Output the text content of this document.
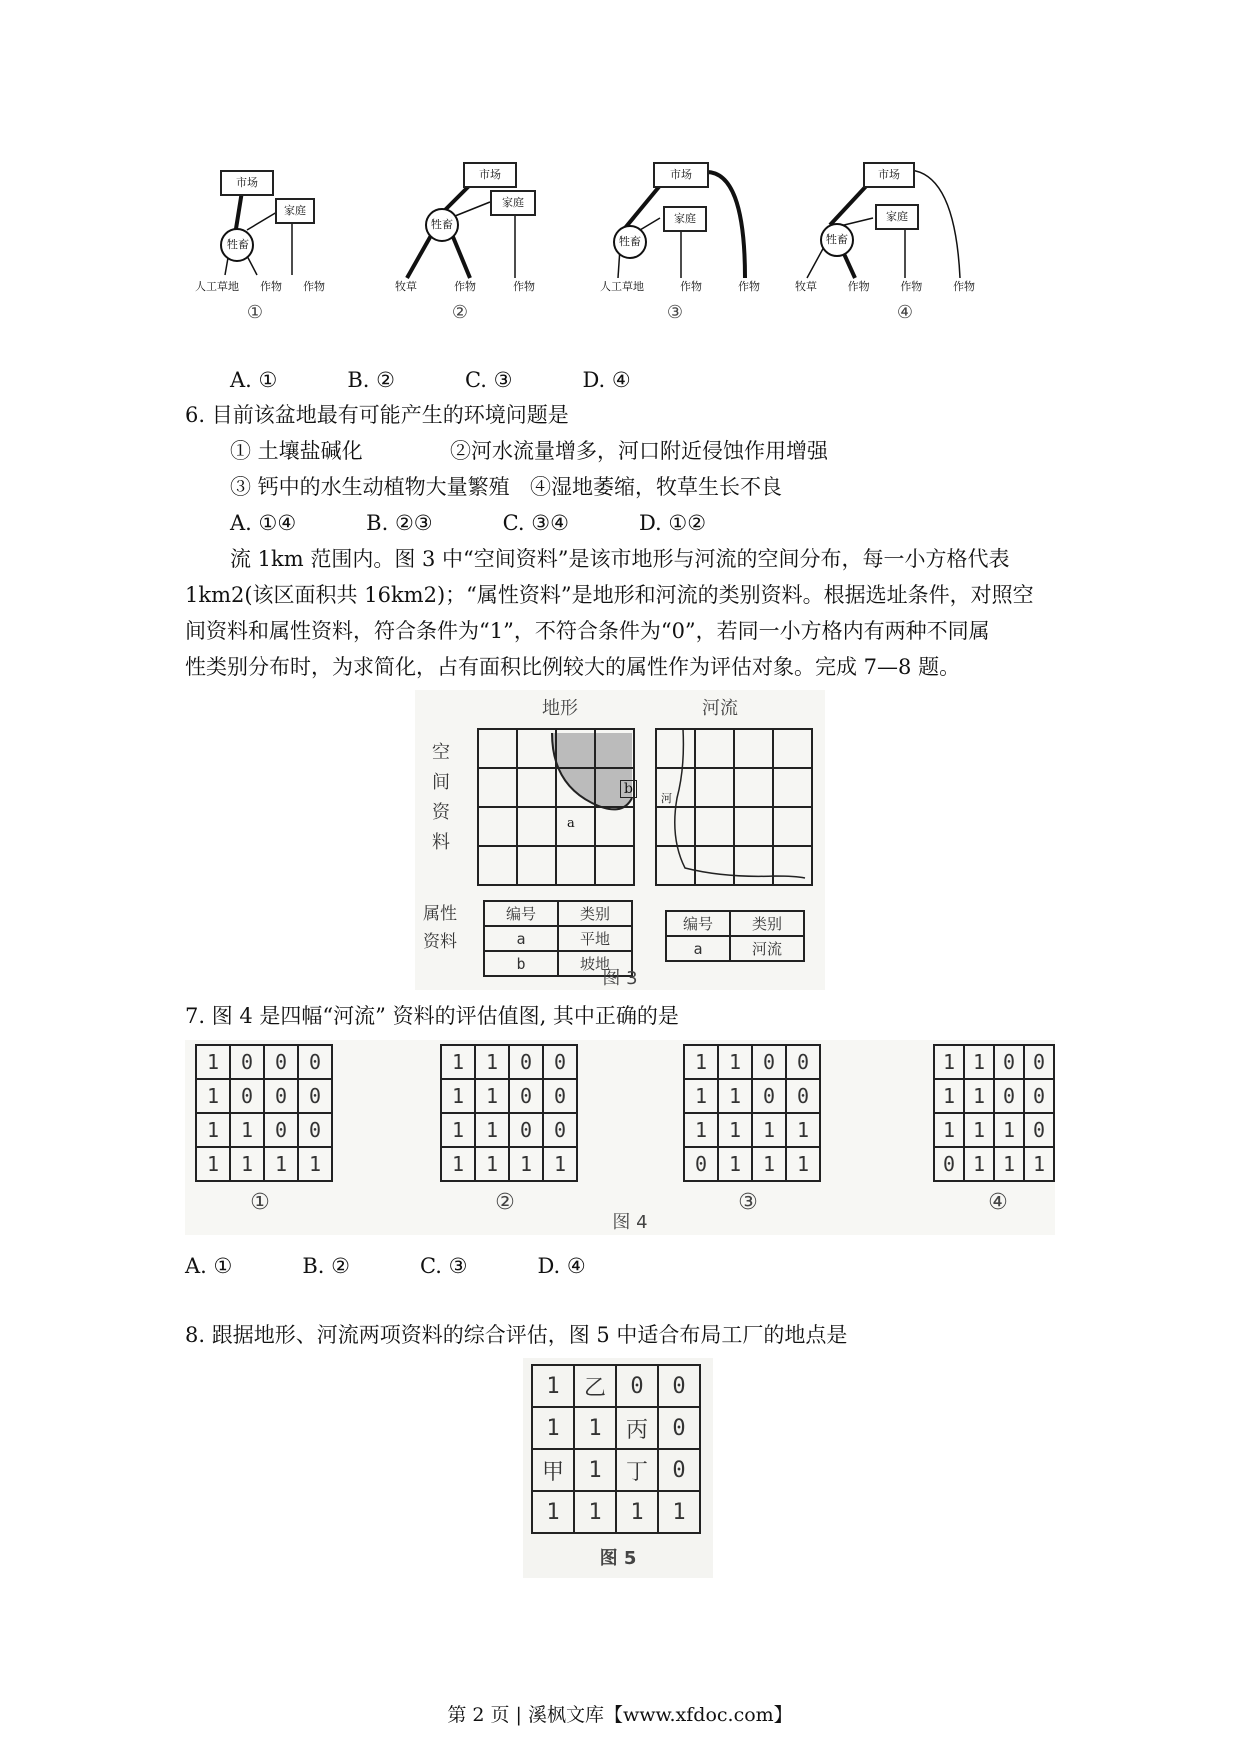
市场
家庭
牲畜
人工草地 作物 作物
①
市场
家庭
牲畜
牧草	作物	作物
②
市场
家庭
牲畜
人工草地	作物	作物
③
市场
家庭
牲畜
牧草	作物	作物	作物
④
A. ①	B. ②	C. ③	D. ④
6. 目前该盆地最有可能产生的环境问题是
① 土壤盐碱化	②河水流量增多，河口附近侵蚀作用增强
③ 钙中的水生动植物大量繁殖 ④湿地萎缩，牧草生长不良
A. ①④	B. ②③	C. ③④	D. ①②
流 1km 范围内。图 3 中“空间资料”是该市地形与河流的空间分布，每一小方格代表
1km2(该区面积共 16km2)；“属性资料”是地形和河流的类别资料。根据选址条件，对照空
间资料和属性资料，符合条件为“1”，不符合条件为“0”，若同一小方格内有两种不同属
性类别分布时，为求简化，占有面积比例较大的属性作为评估对象。完成 7—8 题。
地形	河流
空
间
资
料
a
b
河
属性
资料
编号	类别
a	平地
b	坡地
编号	类别
a	河流
图 3
7. 图 4 是四幅“河流” 资料的评估值图, 其中正确的是
图 4
1	0	0	0
1	0	0	0
1	1	0	0
1	1	1	1
①
1	1	0	0
1	1	0	0
1	1	0	0
1	1	1	1
②
1	1	0	0
1	1	0	0
1	1	1	1
0	1	1	1
③
1	1	0	0
1	1	0	0
1	1	1	0
0	1	1	1
④
A. ①	B. ②	C. ③	D. ④
8. 跟据地形、河流两项资料的综合评估，图 5 中适合布局工厂的地点是
1	乙	0	0
1	1	丙	0
甲	1	丁	0
1	1	1	1
图 5
第 2 页 | 溪枫文库【www.xfdoc.com】
